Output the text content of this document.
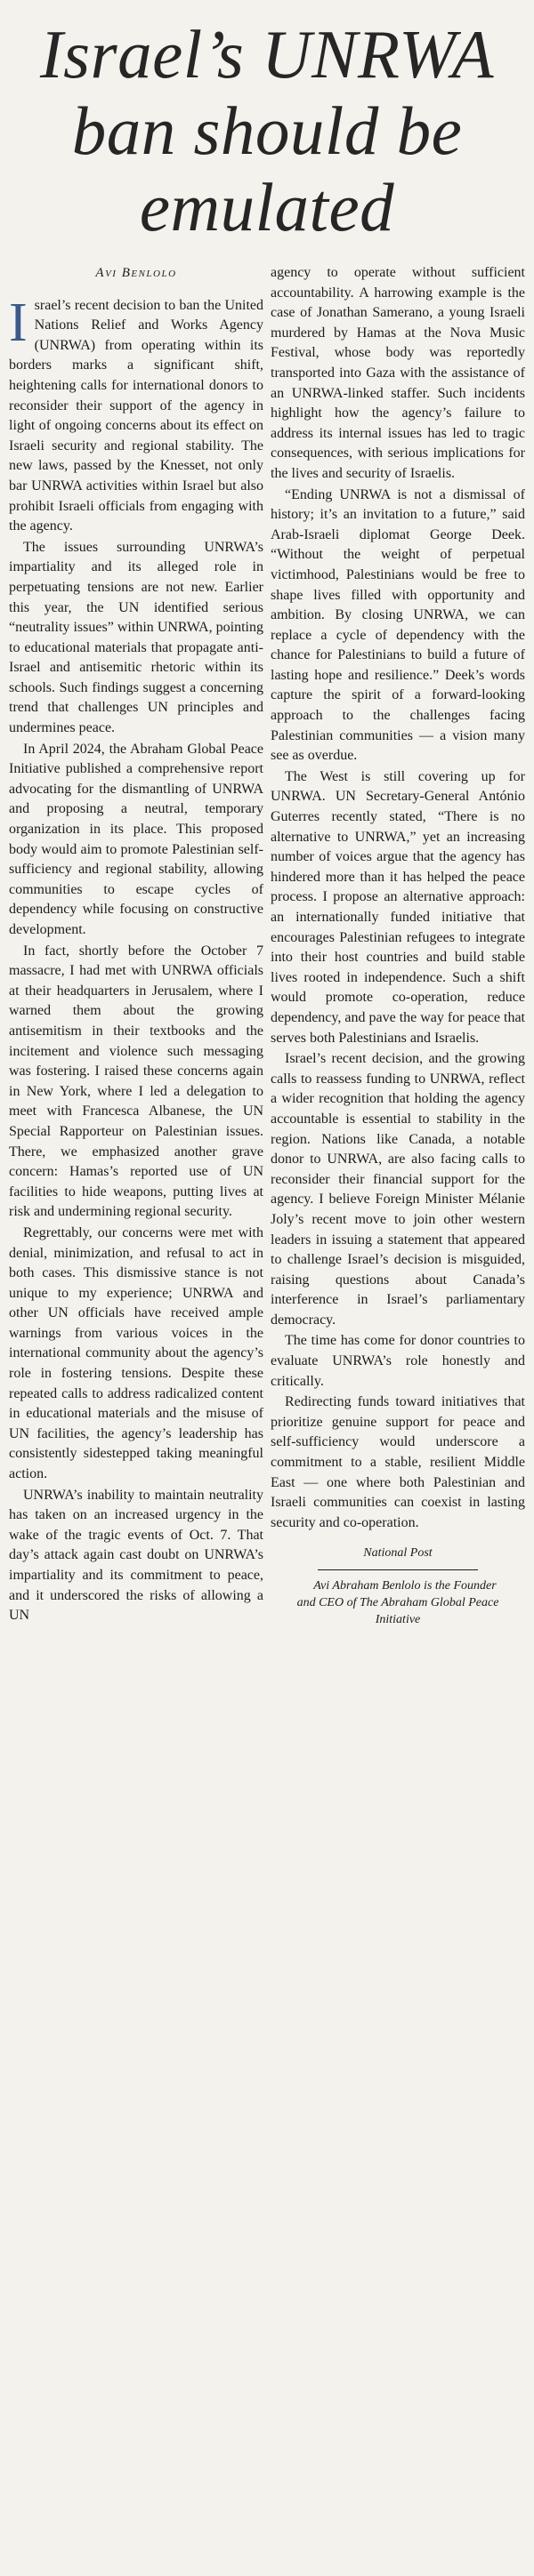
Israel’s UNRWA ban should be emulated
Avi Benlolo

Israel’s recent decision to ban the United Nations Relief and Works Agency (UNRWA) from operating within its borders marks a significant shift, heightening calls for international donors to reconsider their support of the agency in light of ongoing concerns about its effect on Israeli security and regional stability. The new laws, passed by the Knesset, not only bar UNRWA activities within Israel but also prohibit Israeli officials from engaging with the agency.

The issues surrounding UNRWA’s impartiality and its alleged role in perpetuating tensions are not new. Earlier this year, the UN identified serious “neutrality issues” within UNRWA, pointing to educational materials that propagate anti-Israel and antisemitic rhetoric within its schools. Such findings suggest a concerning trend that challenges UN principles and undermines peace.

In April 2024, the Abraham Global Peace Initiative published a comprehensive report advocating for the dismantling of UNRWA and proposing a neutral, temporary organization in its place. This proposed body would aim to promote Palestinian self-sufficiency and regional stability, allowing communities to escape cycles of dependency while focusing on constructive development.

In fact, shortly before the October 7 massacre, I had met with UNRWA officials at their headquarters in Jerusalem, where I warned them about the growing antisemitism in their textbooks and the incitement and violence such messaging was fostering. I raised these concerns again in New York, where I led a delegation to meet with Francesca Albanese, the UN Special Rapporteur on Palestinian issues. There, we emphasized another grave concern: Hamas’s reported use of UN facilities to hide weapons, putting lives at risk and undermining regional security.

Regrettably, our concerns were met with denial, minimization, and refusal to act in both cases. This dismissive stance is not unique to my experience; UNRWA and other UN officials have received ample warnings from various voices in the international community about the agency’s role in fostering tensions. Despite these repeated calls to address radicalized content in educational materials and the misuse of UN facilities, the agency’s leadership has consistently sidestepped taking meaningful action.

UNRWA’s inability to maintain neutrality has taken on an increased urgency in the wake of the tragic events of Oct. 7. That day’s attack again cast doubt on UNRWA’s impartiality and its commitment to peace, and it underscored the risks of allowing a UN

agency to operate without sufficient accountability. A harrowing example is the case of Jonathan Samerano, a young Israeli murdered by Hamas at the Nova Music Festival, whose body was reportedly transported into Gaza with the assistance of an UNRWA-linked staffer. Such incidents highlight how the agency’s failure to address its internal issues has led to tragic consequences, with serious implications for the lives and security of Israelis.

“Ending UNRWA is not a dismissal of history; it’s an invitation to a future,” said Arab-Israeli diplomat George Deek. “Without the weight of perpetual victimhood, Palestinians would be free to shape lives filled with opportunity and ambition. By closing UNRWA, we can replace a cycle of dependency with the chance for Palestinians to build a future of lasting hope and resilience.” Deek’s words capture the spirit of a forward-looking approach to the challenges facing Palestinian communities — a vision many see as overdue.

The West is still covering up for UNRWA. UN Secretary-General António Guterres recently stated, “There is no alternative to UNRWA,” yet an increasing number of voices argue that the agency has hindered more than it has helped the peace process. I propose an alternative approach: an internationally funded initiative that encourages Palestinian refugees to integrate into their host countries and build stable lives rooted in independence. Such a shift would promote co-operation, reduce dependency, and pave the way for peace that serves both Palestinians and Israelis.

Israel’s recent decision, and the growing calls to reassess funding to UNRWA, reflect a wider recognition that holding the agency accountable is essential to stability in the region. Nations like Canada, a notable donor to UNRWA, are also facing calls to reconsider their financial support for the agency. I believe Foreign Minister Mélanie Joly’s recent move to join other western leaders in issuing a statement that appeared to challenge Israel’s decision is misguided, raising questions about Canada’s interference in Israel’s parliamentary democracy.

The time has come for donor countries to evaluate UNRWA’s role honestly and critically.

Redirecting funds toward initiatives that prioritize genuine support for peace and self-sufficiency would underscore a commitment to a stable, resilient Middle East — one where both Palestinian and Israeli communities can coexist in lasting security and co-operation.

National Post

Avi Abraham Benlolo is the Founder and CEO of The Abraham Global Peace Initiative
